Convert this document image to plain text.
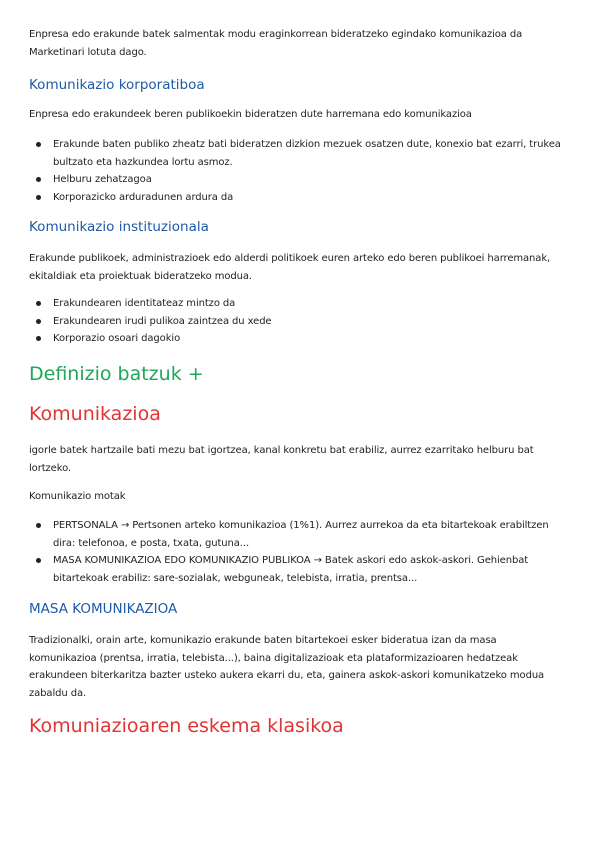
Enpresa edo erakunde batek salmentak modu eraginkorrean bideratzeko egindako komunikazioa da Marketinari lotuta dago.

Komunikazio korporatiboa

Enpresa edo erakundeek beren publikoekin bideratzen dute harremana edo komunikazioa

Erakunde baten publiko zheatz bati bideratzen dizkion mezuek osatzen dute, konexio bat ezarri, trukea bultzato eta hazkundea lortu asmoz.
Helburu zehatzagoa
Korporazicko arduradunen ardura da
Komunikazio instituzionala

Erakunde publikoek, administrazioek edo alderdi politikoek euren arteko edo beren publikoei harremanak, ekitaldiak eta proiektuak bideratzeko modua.

Erakundearen identitateaz mintzo da
Erakundearen irudi pulikoa zaintzea du xede
Korporazio osoari dagokio
Definizio batzuk +
Komunikazioa

igorle batek hartzaile bati mezu bat igortzea, kanal konkretu bat erabiliz, aurrez ezarritako helburu bat lortzeko.

Komunikazio motak

PERTSONALA → Pertsonen arteko komunikazioa (1%1). Aurrez aurrekoa da eta bitartekoak erabiltzen dira: telefonoa, e posta, txata, gutuna...
MASA KOMUNIKAZIOA EDO KOMUNIKAZIO PUBLIKOA → Batek askori edo askok-askori. Gehienbat bitartekoak erabiliz: sare-sozialak, webguneak, telebista, irratia, prentsa...
MASA KOMUNIKAZIOA

Tradizionalki, orain arte, komunikazio erakunde baten bitartekoei esker bideratua izan da masa komunikazioa (prentsa, irratia, telebista...), baina digitalizazioak eta plataformizazioaren hedatzeak erakundeen biterkaritza bazter usteko aukera ekarri du, eta, gainera askok-askori komunikatzeko modua zabaldu da.

Komuniazioaren eskema klasikoa
